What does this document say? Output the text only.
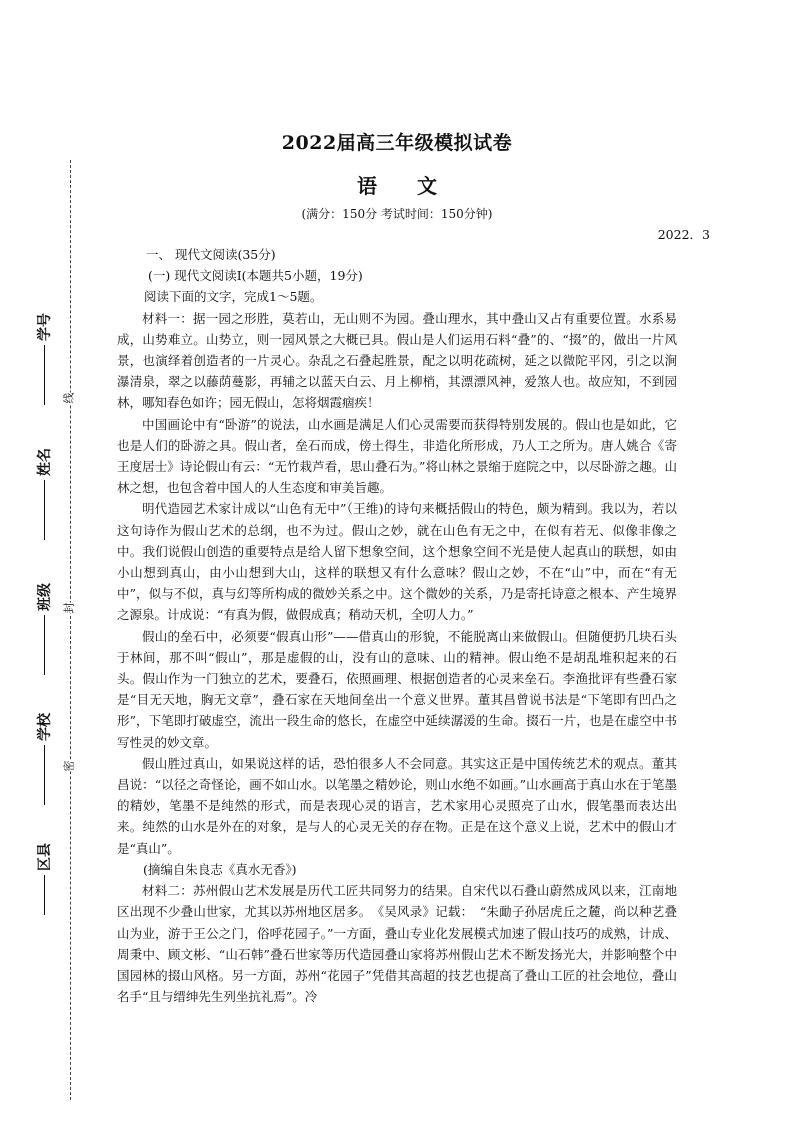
线
封
密
学号
姓名
班级
学校
区县
2022届高三年级模拟试卷
语文
(满分：150分 考试时间：150分钟)
2022．3

一、 现代文阅读(35分)

(一) 现代文阅读Ⅰ(本题共5小题，19分)

阅读下面的文字，完成1～5题。

材料一：据一园之形胜，莫若山，无山则不为园。叠山理水，其中叠山又占有重要位置。水系易成，山势难立。山势立，则一园风景之大概已具。假山是人们运用石料“叠”的、“掇”的，做出一片风景，也演绎着创造者的一片灵心。杂乱之石叠起胜景，配之以明花疏树，延之以微陀平冈，引之以涧瀑清泉，翠之以藤荫蔓影，再辅之以蓝天白云、月上柳梢，其漂漂风神，爱煞人也。故应知，不到园林，哪知春色如许；园无假山，怎将烟霞痼疾！

中国画论中有“卧游”的说法，山水画是满足人们心灵需要而获得特别发展的。假山也是如此，它也是人们的卧游之具。假山者，垒石而成，傍土得生，非造化所形成，乃人工之所为。唐人姚合《寄王度居士》诗论假山有云：“无竹栽芦看，思山叠石为。”将山林之景缩于庭院之中，以尽卧游之趣。山林之想，也包含着中国人的人生态度和审美旨趣。

明代造园艺术家计成以“山色有无中”（王维)的诗句来概括假山的特色，颇为精到。我以为，若以这句诗作为假山艺术的总纲，也不为过。假山之妙，就在山色有无之中，在似有若无、似像非像之中。我们说假山创造的重要特点是给人留下想象空间，这个想象空间不光是使人起真山的联想，如由小山想到真山，由小山想到大山，这样的联想又有什么意味？假山之妙，不在“山”中，而在“有无中”，似与不似，真与幻等所构成的微妙关系之中。这个微妙的关系，乃是寄托诗意之根本、产生境界之源泉。计成说：“有真为假，做假成真；稍动天机，全叨人力。”

假山的垒石中，必须要“假真山形”——借真山的形貌，不能脱离山来做假山。但随便扔几块石头于林间，那不叫“假山”，那是虚假的山，没有山的意味、山的精神。假山绝不是胡乱堆积起来的石头。假山作为一门独立的艺术，要叠石，依照画理、根据创造者的心灵来垒石。李渔批评有些叠石家是“目无天地，胸无文章”，叠石家在天地间垒出一个意义世界。董其昌曾说书法是“下笔即有凹凸之形”，下笔即打破虚空，流出一段生命的悠长，在虚空中延续潺湲的生命。掇石一片，也是在虚空中书写性灵的妙文章。

假山胜过真山，如果说这样的话，恐怕很多人不会同意。其实这正是中国传统艺术的观点。董其昌说：“以径之奇怪论，画不如山水。以笔墨之精妙论，则山水绝不如画。”山水画高于真山水在于笔墨的精妙，笔墨不是纯然的形式，而是表现心灵的语言，艺术家用心灵照亮了山水，假笔墨而表达出来。纯然的山水是外在的对象，是与人的心灵无关的存在物。正是在这个意义上说，艺术中的假山才是“真山”。

(摘编自朱良志《真水无香》)

材料二：苏州假山艺术发展是历代工匠共同努力的结果。自宋代以石叠山蔚然成风以来，江南地区出现不少叠山世家，尤其以苏州地区居多。　《吴风录》记载：　“朱勔子孙居虎丘之麓，尚以种艺叠山为业，游于王公之门，俗呼花园子。”一方面，叠山专业化发展模式加速了假山技巧的成熟，计成、周秉中、顾文彬、“山石韩”叠石世家等历代造园叠山家将苏州假山艺术不断发扬光大，并影响整个中国园林的掇山风格。另一方面，苏州“花园子”凭借其高超的技艺也提高了叠山工匠的社会地位，叠山名手“且与缙绅先生列坐抗礼焉”。冷
